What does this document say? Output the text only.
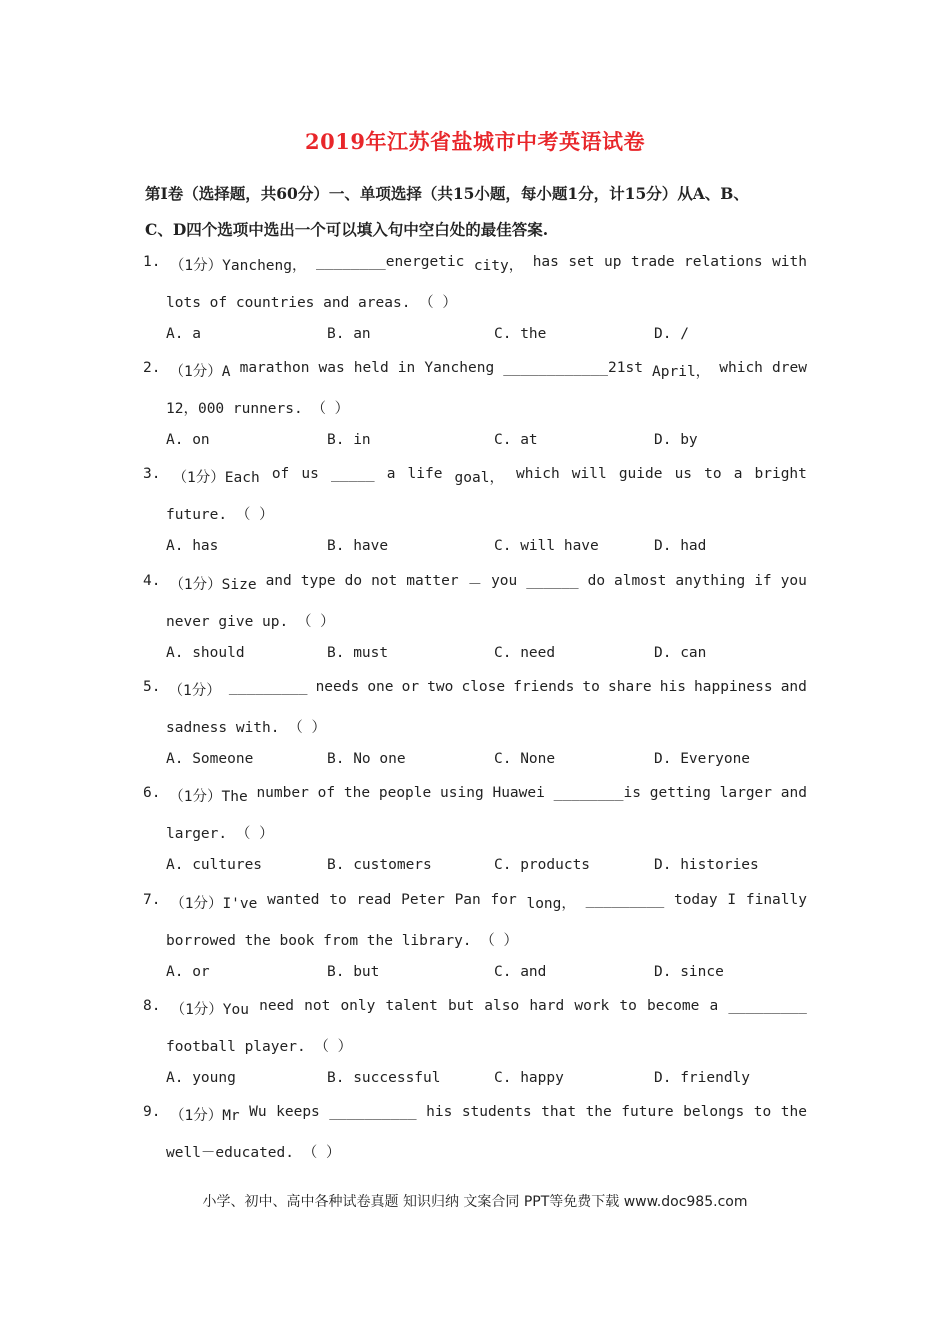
2019年江苏省盐城市中考英语试卷
第I卷（选择题，共60分）一、单项选择（共15小题，每小题1分，计15分）从A、B、
C、D四个选项中选出一个可以填入句中空白处的最佳答案.
1. （1分）Yancheng， ________energetic city， has set up trade relations with
lots of countries and areas. （ ）
A. a	B. an	C. the	D. /
2. （1分）A marathon was held in Yancheng ____________21st April， which drew
12，000 runners. （ ）
A. on	B. in	C. at	D. by
3. （1分）Each of us _____ a life goal， which will guide us to a bright
future. （ ）
A. has	B. have	C. will have	D. had
4. （1分）Size and type do not matter － you ______ do almost anything if you
never give up. （ ）
A. should	B. must	C. need	D. can
5. （1分） _________ needs one or two close friends to share his happiness and
sadness with. （ ）
A. Someone	B. No one	C. None	D. Everyone
6. （1分）The number of the people using Huawei ________is getting larger and
larger. （ ）
A. cultures	B. customers	C. products	D. histories
7. （1分）I've wanted to read Peter Pan for long， _________ today I finally
borrowed the book from the library. （ ）
A. or	B. but	C. and	D. since
8. （1分）You need not only talent but also hard work to become a _________
football player. （ ）
A. young	B. successful	C. happy	D. friendly
9. （1分）Mr Wu keeps __________ his students that the future belongs to the
well－educated. （ ）
小学、初中、高中各种试卷真题 知识归纳 文案合同 PPT等免费下载 www.doc985.com
